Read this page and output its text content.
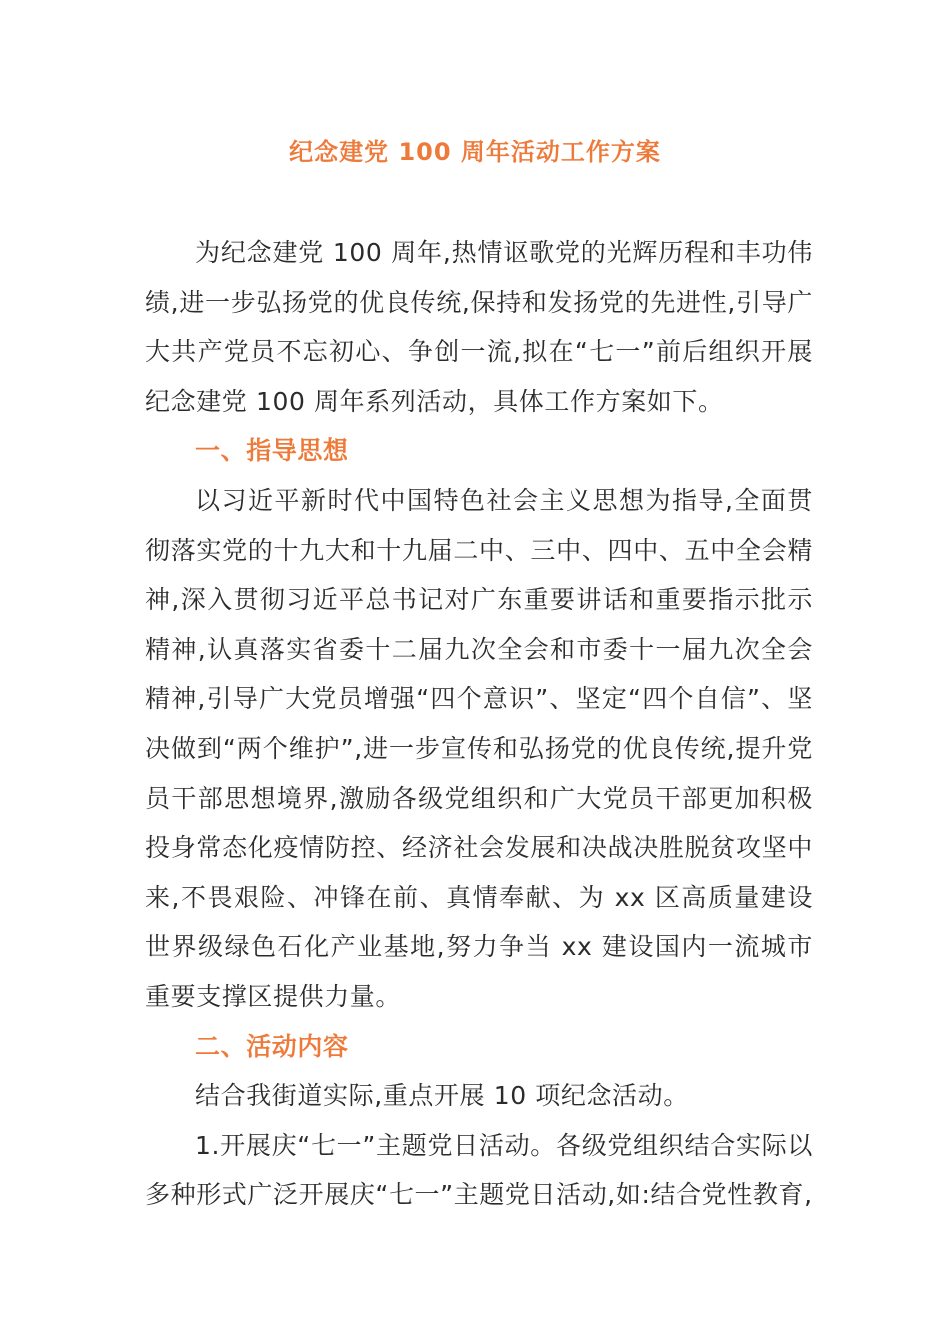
纪念建党 100 周年活动工作方案

为纪念建党 100 周年,热情讴歌党的光辉历程和丰功伟绩,进一步弘扬党的优良传统,保持和发扬党的先进性,引导广大共产党员不忘初心、争创一流,拟在“七一”前后组织开展纪念建党 100 周年系列活动，具体工作方案如下。

一、指导思想

以习近平新时代中国特色社会主义思想为指导,全面贯彻落实党的十九大和十九届二中、三中、四中、五中全会精神,深入贯彻习近平总书记对广东重要讲话和重要指示批示精神,认真落实省委十二届九次全会和市委十一届九次全会精神,引导广大党员增强“四个意识”、坚定“四个自信”、坚决做到“两个维护”,进一步宣传和弘扬党的优良传统,提升党员干部思想境界,激励各级党组织和广大党员干部更加积极投身常态化疫情防控、经济社会发展和决战决胜脱贫攻坚中来,不畏艰险、冲锋在前、真情奉献、为 xx 区高质量建设世界级绿色石化产业基地,努力争当 xx 建设国内一流城市重要支撑区提供力量。

二、活动内容

结合我街道实际,重点开展 10 项纪念活动。

1.开展庆“七一”主题党日活动。各级党组织结合实际以多种形式广泛开展庆“七一”主题党日活动,如:结合党性教育,
